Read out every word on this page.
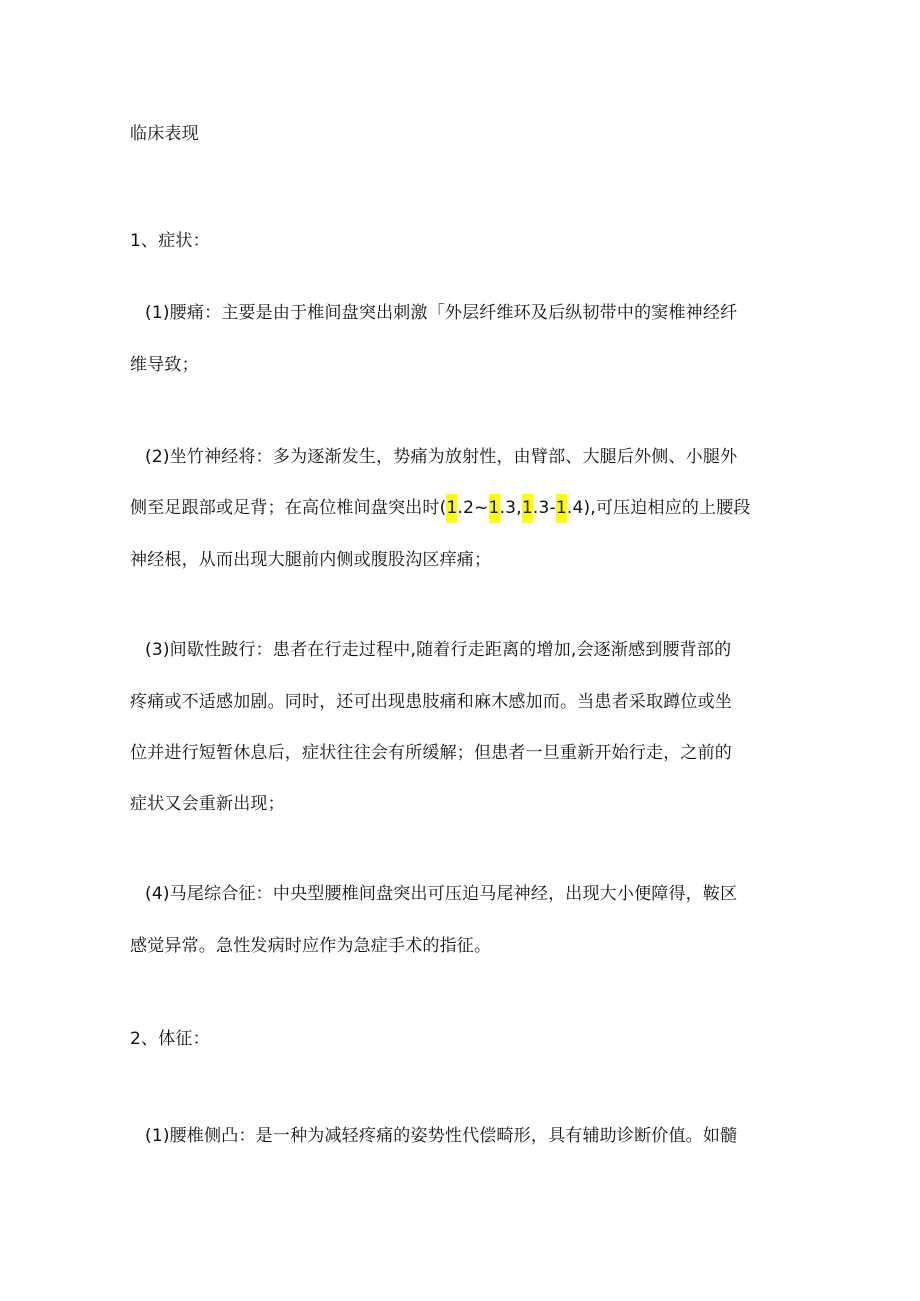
临床表现

1、症状：

(1)腰痛：主要是由于椎间盘突出刺激「外层纤维环及后纵韧带中的窦椎神经纤

维导致；

(2)坐竹神经将：多为逐渐发生，势痛为放射性，由臂部、大腿后外侧、小腿外

侧至足跟部或足背；在高位椎间盘突出时(1.2~1.3,1.3-1.4),可压迫相应的上腰段

神经根，从而出现大腿前内侧或腹股沟区痒痛；

(3)间歇性跛行：患者在行走过程中,随着行走距离的增加,会逐渐感到腰背部的

疼痛或不适感加剧。同时，还可出现患肢痛和麻木感加而。当患者采取蹲位或坐

位并进行短暂休息后，症状往往会有所缓解；但患者一旦重新开始行走，之前的

症状又会重新出现；

(4)马尾综合征：中央型腰椎间盘突出可压迫马尾神经，出现大小便障得，鞍区

感觉异常。急性发病时应作为急症手术的指征。

2、体征：

(1)腰椎侧凸：是一种为减轻疼痛的姿势性代偿畸形，具有辅助诊断价值。如髓
